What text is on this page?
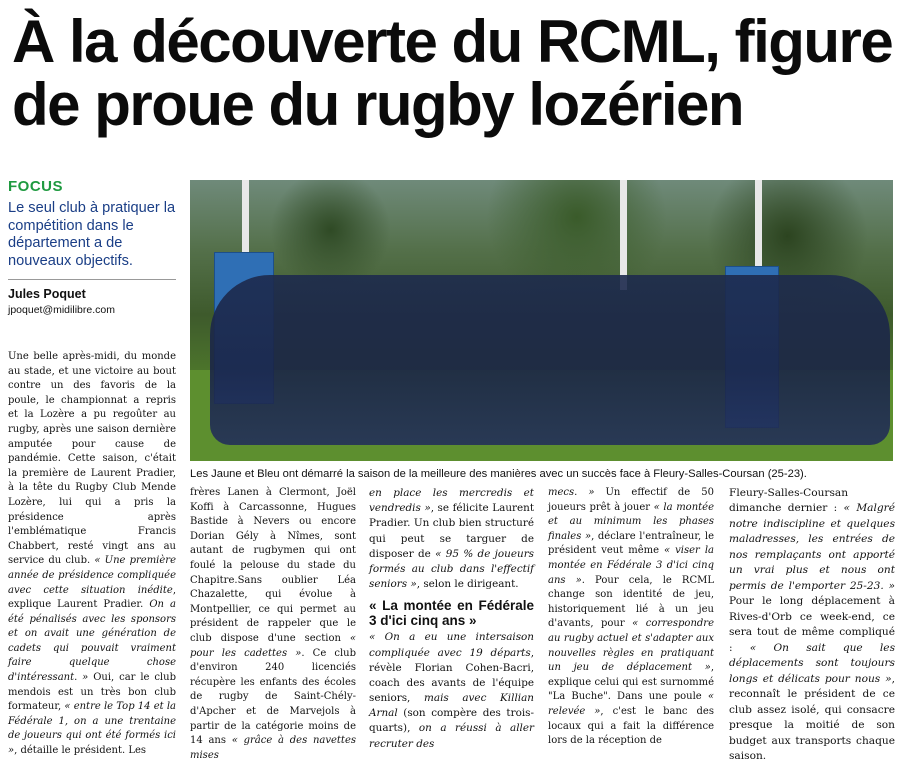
À la découverte du RCML, figure
de proue du rugby lozérien
FOCUS
Le seul club à pratiquer la compétition dans le département a de nouveaux objectifs.
Jules Poquet
jpoquet@midilibre.com
Les Jaune et Bleu ont démarré la saison de la meilleure des manières avec un succès face à Fleury-Salles-Coursan (25-23).

Une belle après-midi, du monde au stade, et une victoire au bout contre un des favoris de la poule, le championnat a repris et la Lozère a pu regoûter au rugby, après une saison dernière amputée pour cause de pandémie. Cette saison, c'était la première de Laurent Pradier, à la tête du Rugby Club Mende Lozère, lui qui a pris la présidence après l'emblématique Francis Chabbert, resté vingt ans au service du club. « Une première année de présidence compliquée avec cette situation inédite, explique Laurent Pradier. On a été pénalisés avec les sponsors et on avait une génération de cadets qui pouvait vraiment faire quelque chose d'intéressant. » Oui, car le club mendois est un très bon club formateur, « entre le Top 14 et la Fédérale 1, on a une trentaine de joueurs qui ont été formés ici », détaille le président. Les

frères Lanen à Clermont, Joël Koffi à Carcassonne, Hugues Bastide à Nevers ou encore Dorian Gély à Nîmes, sont autant de rugbymen qui ont foulé la pelouse du stade du Chapitre.Sans oublier Léa Chazalette, qui évolue à Montpellier, ce qui permet au président de rappeler que le club dispose d'une section « pour les cadettes ». Ce club d'environ 240 licenciés récupère les enfants des écoles de rugby de Saint-Chély-d'Apcher et de Marvejols à partir de la catégorie moins de 14 ans « grâce à des navettes mises

en place les mercredis et vendredis », se félicite Laurent Pradier. Un club bien structuré qui peut se targuer de disposer de « 95 % de joueurs formés au club dans l'effectif seniors », selon le dirigeant.

« La montée en Fédérale 3 d'ici cinq ans »

« On a eu une intersaison compliquée avec 19 départs, révèle Florian Cohen-Bacri, coach des avants de l'équipe seniors, mais avec Killian Arnal (son compère des trois-quarts), on a réussi à aller recruter des

mecs. » Un effectif de 50 joueurs prêt à jouer « la montée et au minimum les phases finales », déclare l'entraîneur, le président veut même « viser la montée en Fédérale 3 d'ici cinq ans ». Pour cela, le RCML change son identité de jeu, historiquement lié à un jeu d'avants, pour « correspondre au rugby actuel et s'adapter aux nouvelles règles en pratiquant un jeu de déplacement », explique celui qui est surnommé "La Buche". Dans une poule « relevée », c'est le banc des locaux qui a fait la différence lors de la réception de

Fleury-Salles-Coursan dimanche dernier : « Malgré notre indiscipline et quelques maladresses, les entrées de nos remplaçants ont apporté un vrai plus et nous ont permis de l'emporter 25-23. » Pour le long déplacement à Rives-d'Orb ce week-end, ce sera tout de même compliqué : « On sait que les déplacements sont toujours longs et délicats pour nous », reconnaît le président de ce club assez isolé, qui consacre presque la moitié de son budget aux transports chaque saison.
